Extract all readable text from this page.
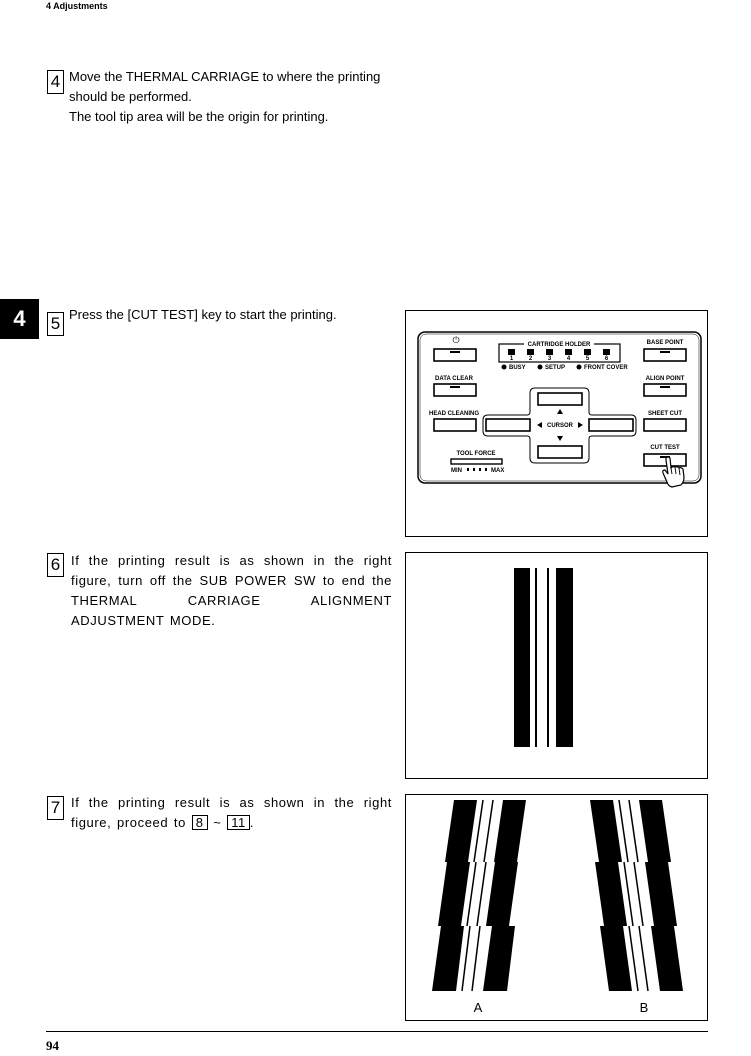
4 Adjustments
4
4 Move the THERMAL CARRIAGE to where the printing
should be performed.
The tool tip area will be the origin for printing.
5 Press the [CUT TEST] key to start the printing.
⏻	CARTRIDGE HOLDER
1	2	3	4	5	6
BUSY	SETUP	FRONT COVER
BASE POINT
DATA CLEAR	ALIGN POINT
HEAD CLEANING	SHEET CUT
CURSOR
CUT TEST
TOOL FORCE
MIN	MAX
6 If the printing result is as shown in the right figure, turn off the SUB POWER SW to end the THERMAL CARRIAGE ALIGNMENT ADJUSTMENT MODE.
7 If the printing result is as shown in the right figure, proceed to 8 ~ 11 .
A	B
94
